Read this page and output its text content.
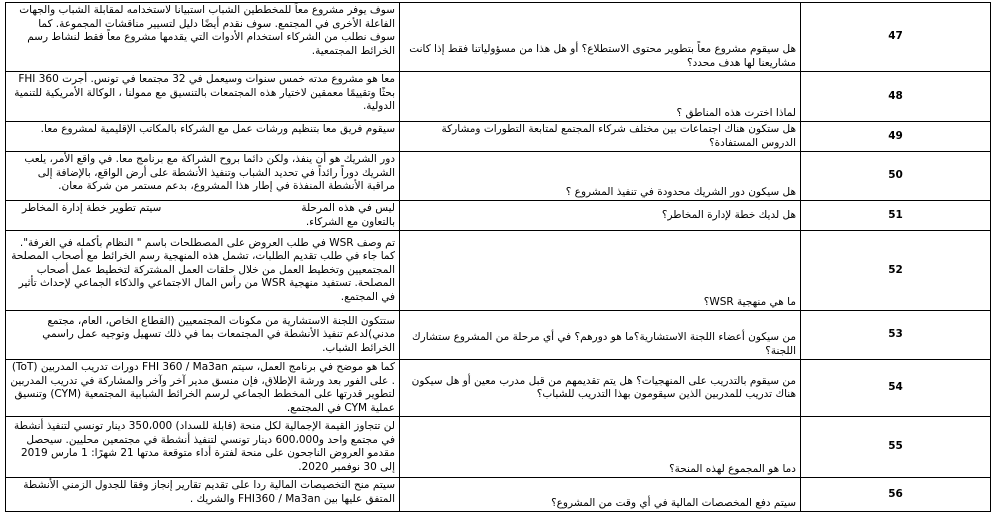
سوف يوفر مشروع معاً للمخططين الشباب استبيانا لاستخدامه لمقابلة الشباب والجهات الفاعلة الأخرى في المجتمع. سوف نقدم أيضًا دليل لتسيير مناقشات المجموعة. كما سوف نطلب من الشركاء استخدام الأدوات التي يقدمها مشروع معاً فقط لنشاط رسم الخرائط المجتمعية.	هل سيقوم مشروع معاً بتطوير محتوى الاستطلاع؟ أو هل هذا من مسؤولياتنا فقط إذا كانت مشاريعنا لها هدف محدد؟	47
معا هو مشروع مدته خمس سنوات وسيعمل في 32 مجتمعا في تونس. أجرت FHI 360 بحثًا وتقييمًا معمقين لاختيار هذه المجتمعات بالتنسيق مع ممولنا ، الوكالة الأمريكية للتنمية الدولية.	لماذا اخترت هذه المناطق ؟	48
سيقوم فريق معا بتنظيم ورشات عمل مع الشركاء بالمكاتب الإقليمية لمشروع معا.	هل ستكون هناك اجتماعات بين مختلف شركاء المجتمع لمتابعة التطورات ومشاركة الدروس المستفادة؟	49
دور الشريك هو أن ينفذ، ولكن دائما بروح الشراكة مع برنامج معا. في واقع الأمر، يلعب الشريك دوراً رائداً في تحديد الشباب وتنفيذ الأنشطة على أرض الواقع، بالإضافة إلى مراقبة الأنشطة المنفذة في إطار هذا المشروع، بدعم مستمر من شركة معان.	هل سيكون دور الشريك محدودة في تنفيذ المشروع ؟	50
ليس في هذه المرحلةسيتم تطوير خطة إدارة المخاطر بالتعاون مع الشركاء.	هل لديك خطة لإدارة المخاطر؟	51
تم وصف WSR في طلب العروض على المصطلحات باسم " النظام بأكمله في الغرفة". كما جاء في طلب تقديم الطلبات، تشمل هذه المنهجية رسم الخرائط مع أصحاب المصلحة المجتمعيين وتخطيط العمل من خلال حلقات العمل المشتركة لتخطيط عمل أصحاب المصلحة. تستفيد منهجية WSR من رأس المال الاجتماعي والذكاء الجماعي لإحداث تأثير في المجتمع.	ما هي منهجية WSR؟	52
ستتكون اللجنة الاستشارية من مكونات المجتمعيين (القطاع الخاص، العام، مجتمع مدني)لدعم تنفيذ الأنشطة في المجتمعات بما في ذلك تسهيل وتوجيه عمل راسمي الخرائط الشباب.	من سيكون أعضاء اللجنة الاستشارية؟ما هو دورهم؟ في أي مرحلة من المشروع ستشارك اللجنة؟	53
كما هو موضح في برنامج العمل، سيتم FHI 360 / Ma3an دورات تدريب المدربين (ToT) . على الفور بعد ورشة الإطلاق، فإن منسق مدير آخر وآخر والمشاركة في تدريب المدربين لتطوير قدرتها على المخطط الجماعي لرسم الخرائط الشبابية المجتمعية (CYM) وتنسيق عملية CYM في المجتمع.	من سيقوم بالتدريب على المنهجيات؟ هل يتم تقديمهم من قبل مدرب معين أو هل سيكون هناك تدريب للمدربين الذين سيقومون بهذا التدريب للشباب؟	54
لن تتجاوز القيمة الإجمالية لكل منحة (قابلة للسداد) 350،000 دينار تونسي لتنفيذ أنشطة في مجتمع واحد و600،000 دينار تونسي لتنفيذ أنشطة في مجتمعين محليين. سيحصل مقدمو العروض الناجحون على منحة لفترة أداء متوقعة مدتها 21 شهرًا: 1 مارس 2019 إلى 30 نوفمبر 2020.	دما هو المجموع لهذه المنحة؟	55
سيتم منح التخصيصات المالية ردا على تقديم تقارير إنجاز وفقا للجدول الزمني الأنشطة المتفق عليها بين FHI360 / Ma3an والشريك .	سيتم دفع المخصصات المالية في أي وقت من المشروع؟	56
